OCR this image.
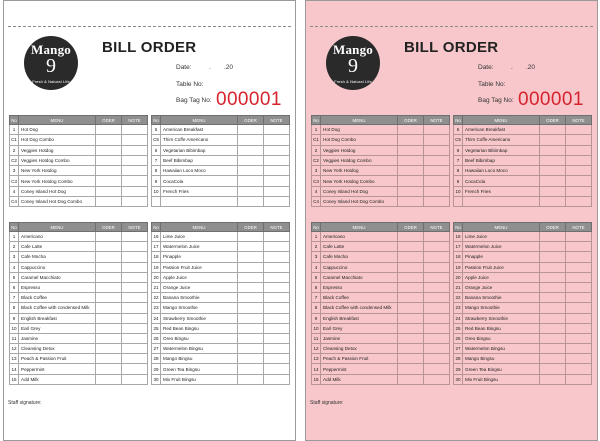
Mango
9
Fresh & Natural Life
BILL ORDER
Date:	. .20
Table No:
Bag Tag No: 000001
No	MENU	ODER	NOTE
1	Hot Dog		
C1	Hot Dog Combo		
2	Veggies Hotdog		
C2	Veggies Hotdog Combo		
3	New York Hotdog		
C3	New York Hotdog Combo		
4	Coney Island Hot Dog		
C4	Coney Island Hot Dog Combo		
No	MENU	ODER	NOTE
5	American Breakfast		
C5	Thim Coffe Americano		
6	Vegetarian Bibimbap		
7	Beef Bibimbap		
8	Hawaiian Loco Moco		
9	CocaCola		
10	French Fries		

No	MENU	ODER	NOTE
1	Americano		
2	Cafe Latte		
3	Cafe Mocha		
4	Cappuccino		
5	Caramel Macchiato		
6	Espresso		
7	Black Coffee		
8	Black Coffee with condensed Milk		
9	English Breakfast		
10	Earl Grey		
11	Jasmine		
12	Cleansing Detox		
13	Peach & Passion Fruit		
14	Peppermint		
15	Add Milk		
No	MENU	ODER	NOTE
16	Lime Juice		
17	Watermelon Juice		
18	Pinapple		
19	Passion Fruit Juice		
20	Apple Juice		
21	Orange Juice		
22	Banana Smoothie		
23	Mango Smoothie		
24	Strawberry Smoothie		
25	Red Bean Bingsu		
26	Oreo Bingsu		
27	Watermelon Bingsu		
28	Mango Bingsu		
29	Green Tea Bingsu		
30	Mix Fruit Bingsu		
Staff signature:
Mango
9
Fresh & Natural Life
BILL ORDER
Date:	. .20
Table No:
Bag Tag No: 000001
No	MENU	ODER	NOTE
1	Hot Dog		
C1	Hot Dog Combo		
2	Veggies Hotdog		
C2	Veggies Hotdog Combo		
3	New York Hotdog		
C3	New York Hotdog Combo		
4	Coney Island Hot Dog		
C4	Coney Island Hot Dog Combo		
No	MENU	ODER	NOTE
5	American Breakfast		
C5	Thim Coffe Americano		
6	Vegetarian Bibimbap		
7	Beef Bibimbap		
8	Hawaiian Loco Moco		
9	CocaCola		
10	French Fries		

No	MENU	ODER	NOTE
1	Americano		
2	Cafe Latte		
3	Cafe Mocha		
4	Cappuccino		
5	Caramel Macchiato		
6	Espresso		
7	Black Coffee		
8	Black Coffee with condensed Milk		
9	English Breakfast		
10	Earl Grey		
11	Jasmine		
12	Cleansing Detox		
13	Peach & Passion Fruit		
14	Peppermint		
15	Add Milk		
No	MENU	ODER	NOTE
16	Lime Juice		
17	Watermelon Juice		
18	Pinapple		
19	Passion Fruit Juice		
20	Apple Juice		
21	Orange Juice		
22	Banana Smoothie		
23	Mango Smoothie		
24	Strawberry Smoothie		
25	Red Bean Bingsu		
26	Oreo Bingsu		
27	Watermelon Bingsu		
28	Mango Bingsu		
29	Green Tea Bingsu		
30	Mix Fruit Bingsu		
Staff signature:
